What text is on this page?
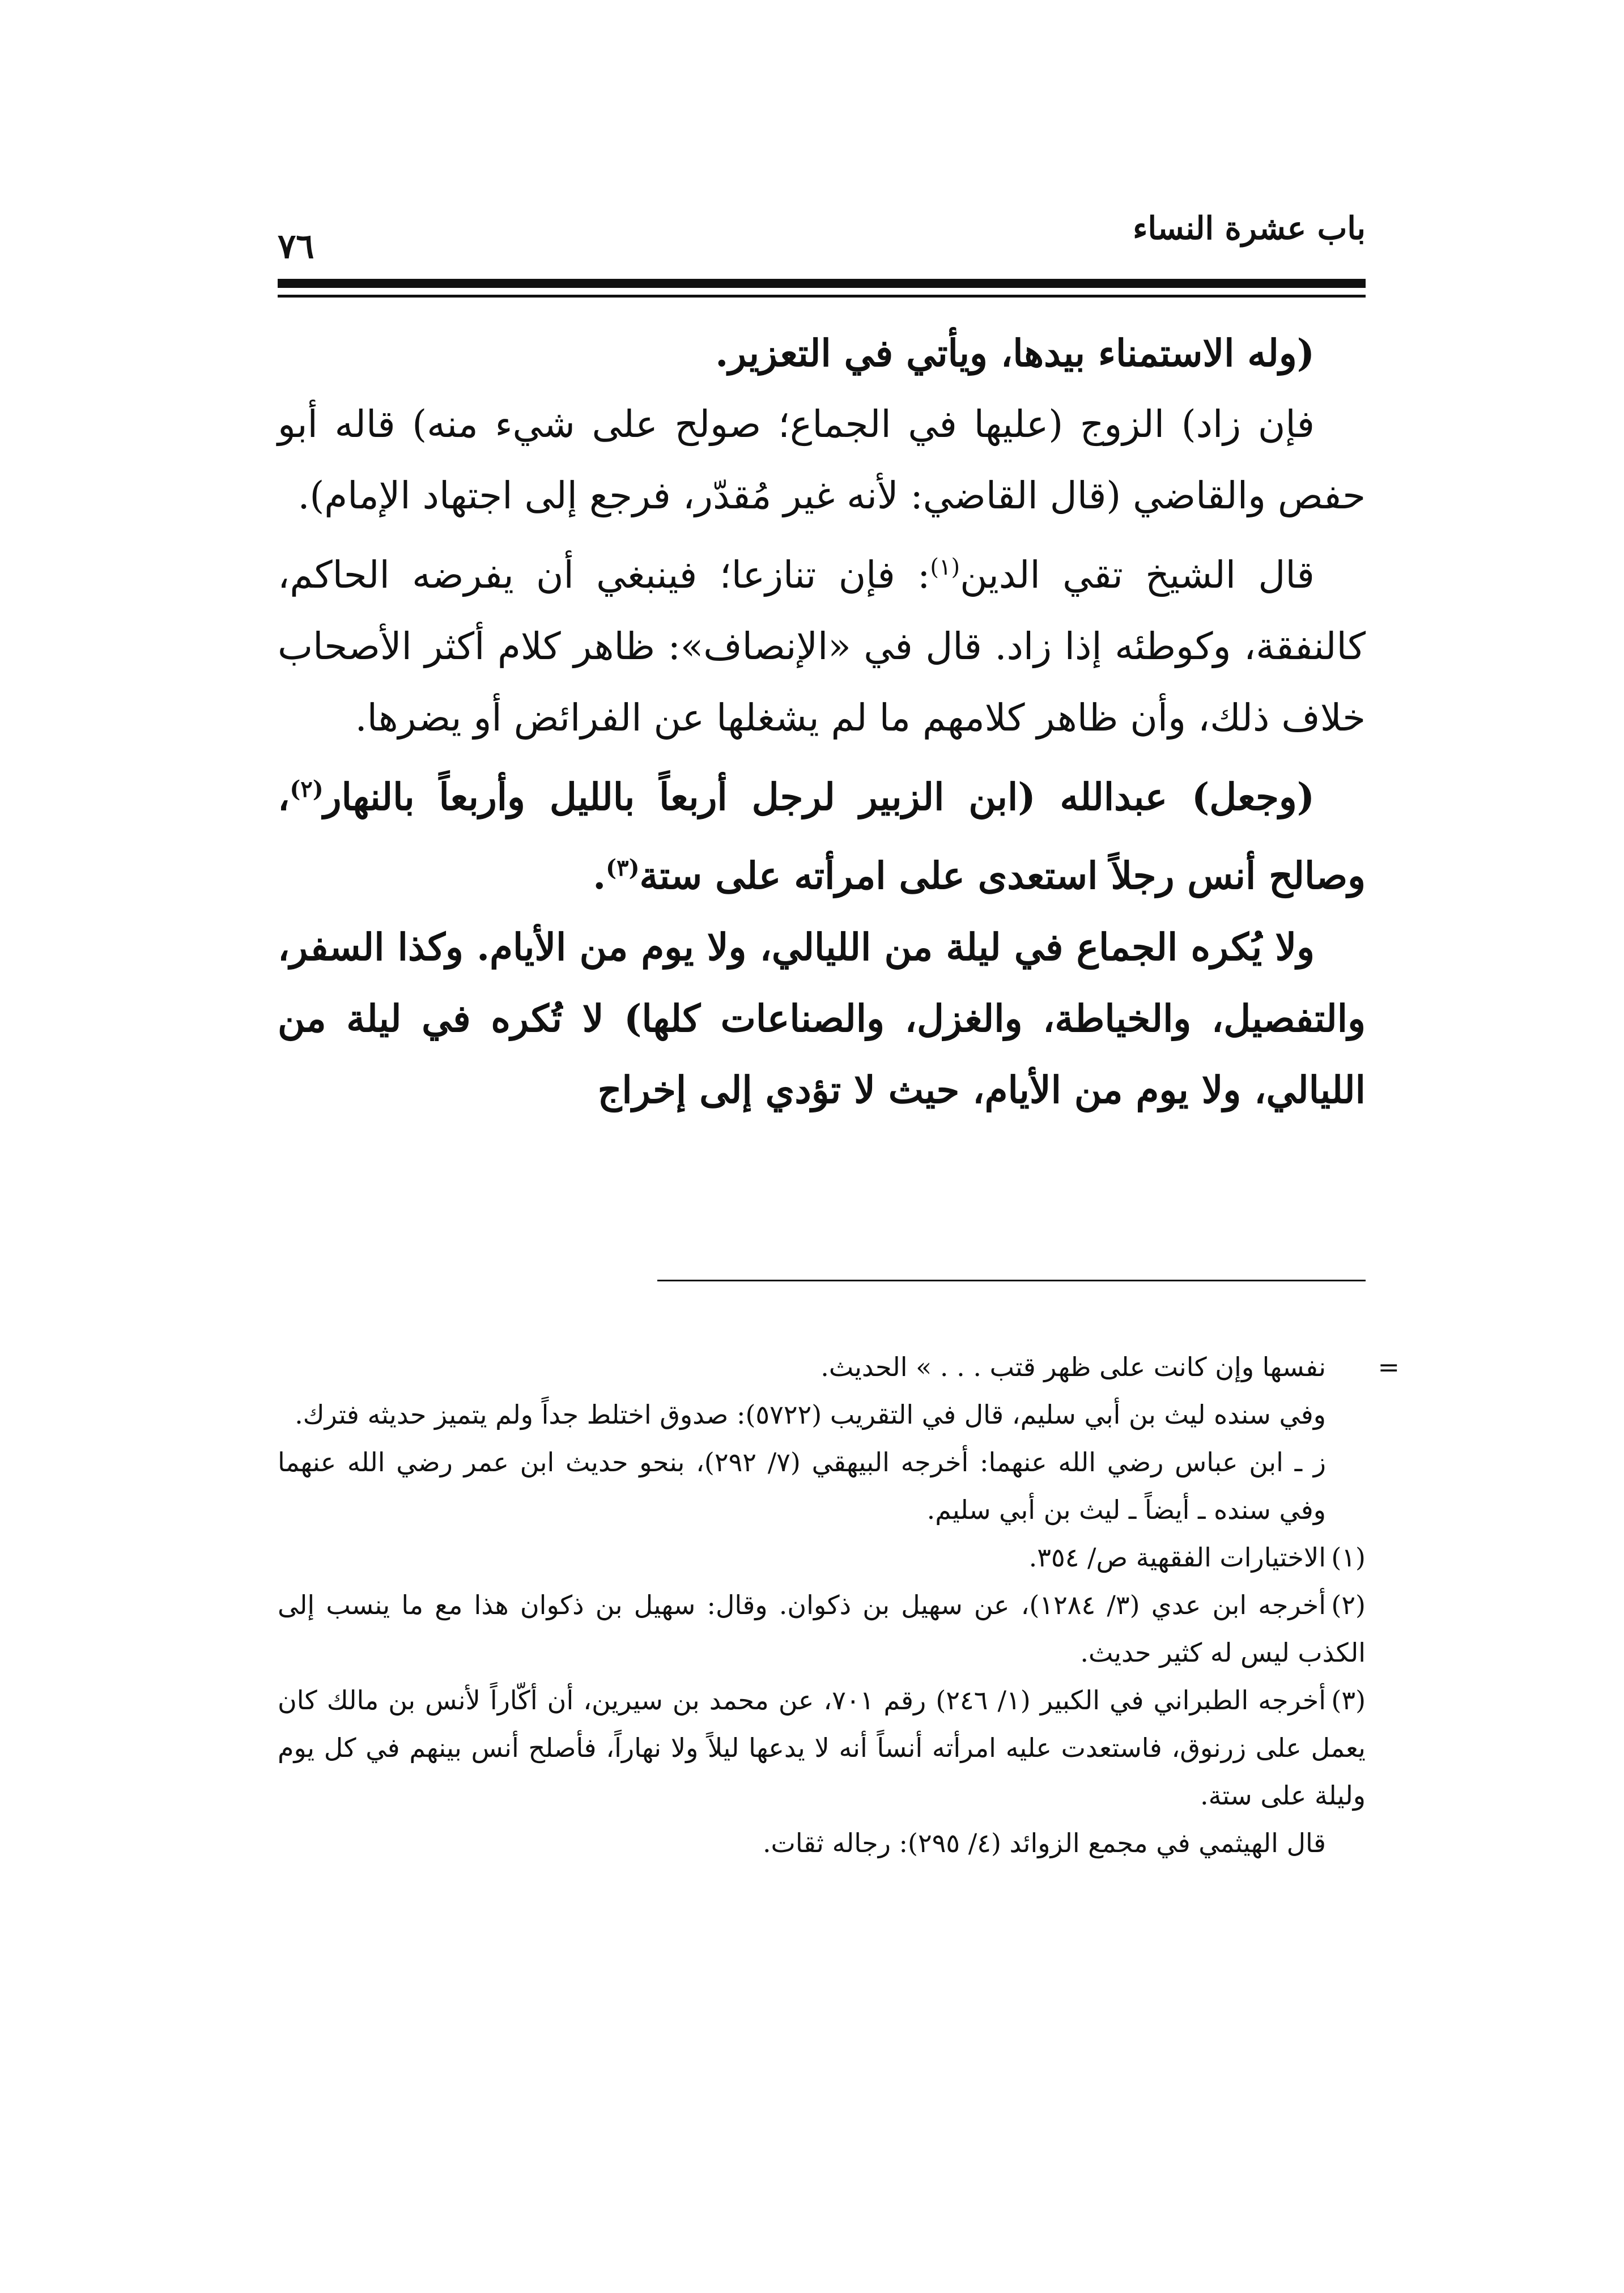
باب عشرة النساء
٧٦

(وله الاستمناء بيدها، ويأتي في التعزير.

فإن زاد) الزوج (عليها في الجماع؛ صولح على شيء منه) قاله أبو حفص والقاضي (قال القاضي: لأنه غير مُقدّر، فرجع إلى اجتهاد الإمام).

قال الشيخ تقي الدين$^{(١)}$: فإن تنازعا؛ فينبغي أن يفرضه الحاكم، كالنفقة، وكوطئه إذا زاد. قال في «الإنصاف»: ظاهر كلام أكثر الأصحاب خلاف ذلك، وأن ظاهر كلامهم ما لم يشغلها عن الفرائض أو يضرها.

(وجعل) عبدالله (ابن الزبير لرجل أربعاً بالليل وأربعاً بالنهار$^{(٢)}$، وصالح أنس رجلاً استعدى على امرأته على ستة$^{(٣)}$.

ولا يُكره الجماع في ليلة من الليالي، ولا يوم من الأيام. وكذا السفر، والتفصيل، والخياطة، والغزل، والصناعات كلها) لا تُكره في ليلة من الليالي، ولا يوم من الأيام، حيث لا تؤدي إلى إخراج

=
نفسها وإن كانت على ظهر قتب . . . » الحديث.

وفي سنده ليث بن أبي سليم، قال في التقريب (٥٧٢٢): صدوق اختلط جداً ولم يتميز حديثه فترك.

ز ـ ابن عباس رضي الله عنهما: أخرجه البيهقي (٧/ ٢٩٢)، بنحو حديث ابن عمر رضي الله عنهما وفي سنده ـ أيضاً ـ ليث بن أبي سليم.

(١)الاختيارات الفقهية ص/ ٣٥٤.

(٢)أخرجه ابن عدي (٣/ ١٢٨٤)، عن سهيل بن ذكوان. وقال: سهيل بن ذكوان هذا مع ما ينسب إلى الكذب ليس له كثير حديث.

(٣)أخرجه الطبراني في الكبير (١/ ٢٤٦) رقم ٧٠١، عن محمد بن سيرين، أن أكّاراً لأنس بن مالك كان يعمل على زرنوق، فاستعدت عليه امرأته أنساً أنه لا يدعها ليلاً ولا نهاراً، فأصلح أنس بينهم في كل يوم وليلة على ستة.

قال الهيثمي في مجمع الزوائد (٤/ ٢٩٥): رجاله ثقات.
